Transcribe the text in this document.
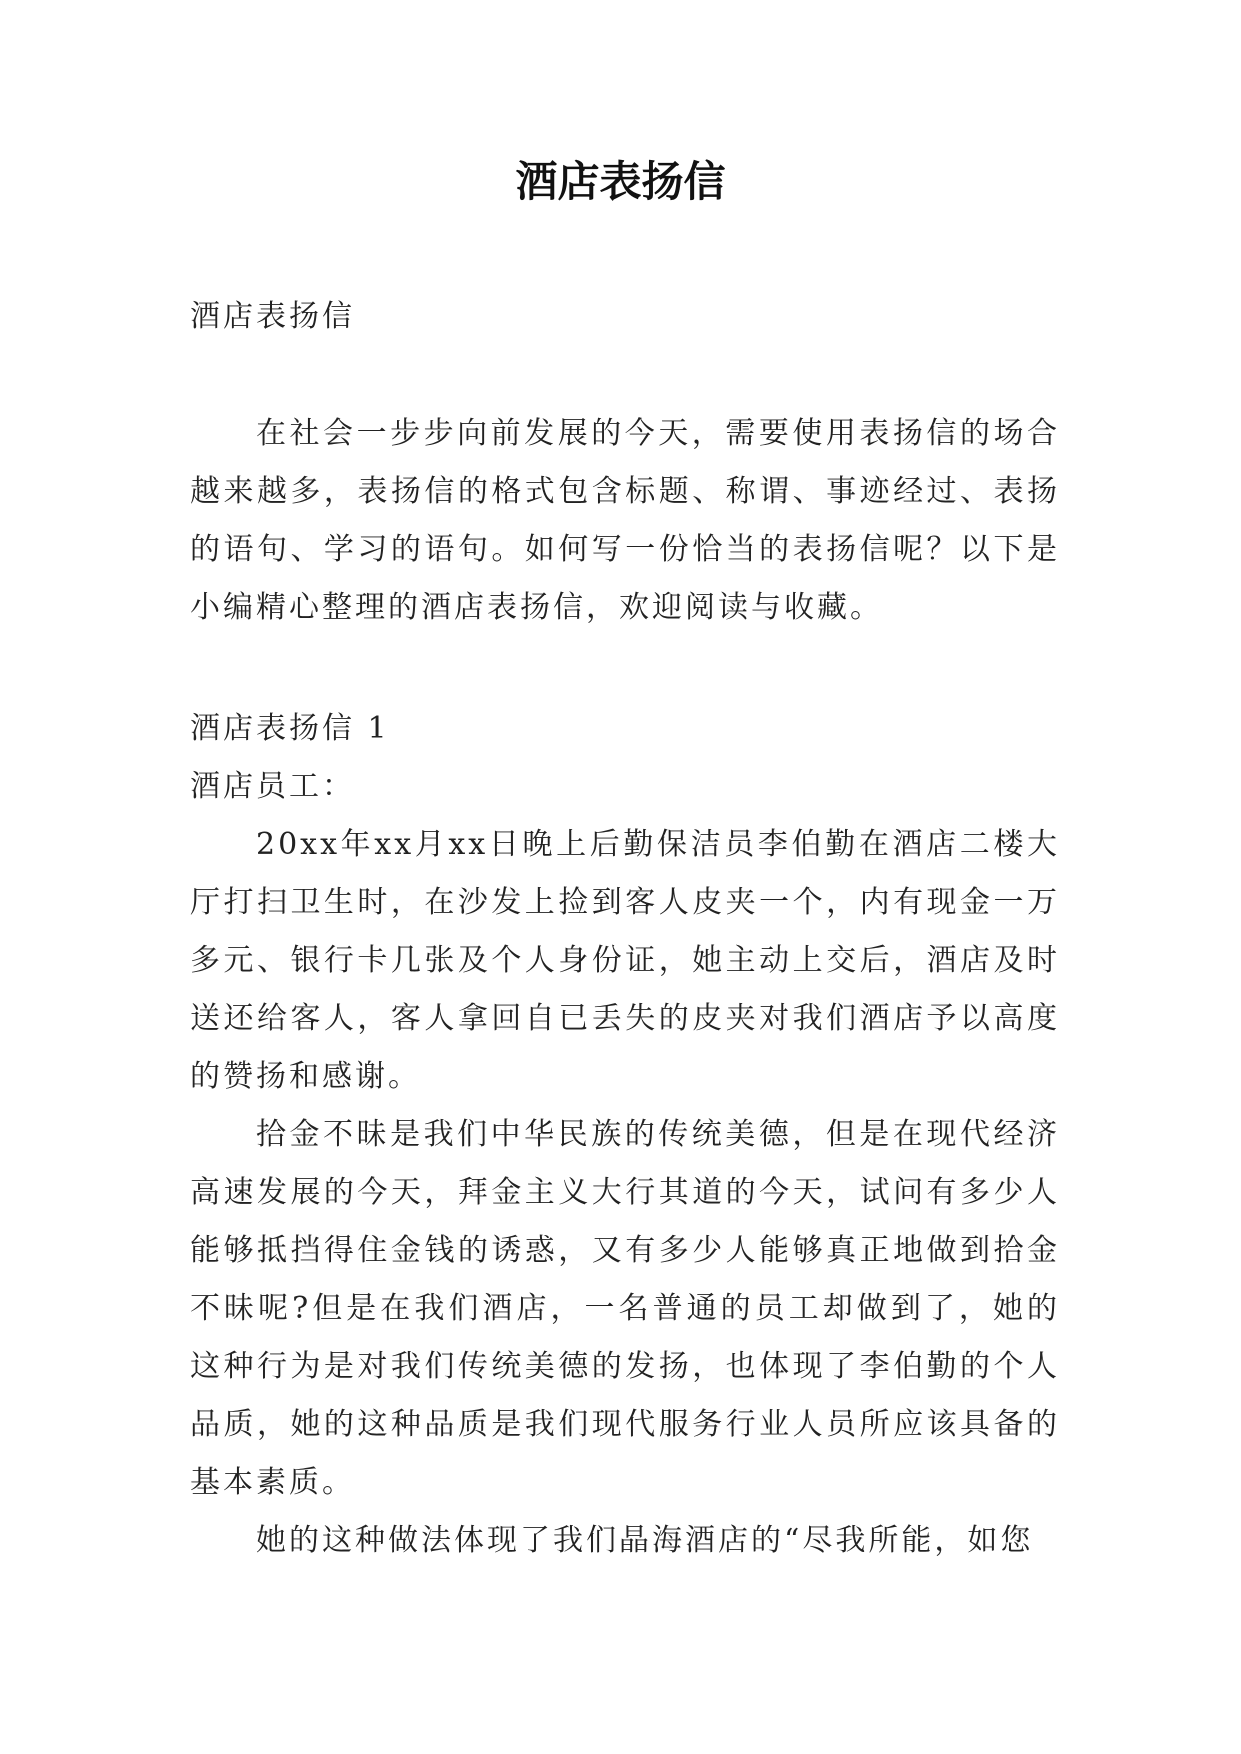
酒店表扬信

酒店表扬信

在社会一步步向前发展的今天，需要使用表扬信的场合越来越多，表扬信的格式包含标题、称谓、事迹经过、表扬的语句、学习的语句。如何写一份恰当的表扬信呢？以下是小编精心整理的酒店表扬信，欢迎阅读与收藏。

酒店表扬信 1

酒店员工：

20xx年xx月xx日晚上后勤保洁员李伯勤在酒店二楼大厅打扫卫生时，在沙发上捡到客人皮夹一个，内有现金一万多元、银行卡几张及个人身份证，她主动上交后，酒店及时送还给客人，客人拿回自已丢失的皮夹对我们酒店予以高度的赞扬和感谢。

拾金不昧是我们中华民族的传统美德，但是在现代经济高速发展的今天，拜金主义大行其道的今天，试问有多少人能够抵挡得住金钱的诱惑，又有多少人能够真正地做到拾金不昧呢?但是在我们酒店，一名普通的员工却做到了，她的这种行为是对我们传统美德的发扬，也体现了李伯勤的个人品质，她的这种品质是我们现代服务行业人员所应该具备的基本素质。

她的这种做法体现了我们晶海酒店的“尽我所能，如您
